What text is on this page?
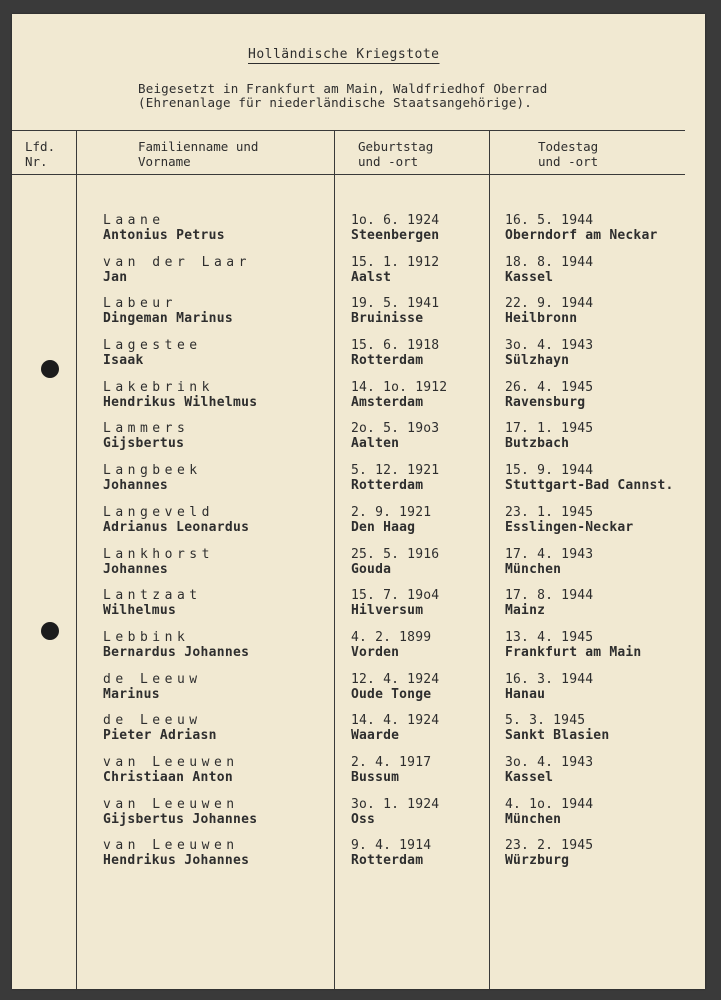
Holländische Kriegstote
Beigesetzt in Frankfurt am Main, Waldfriedhof Oberrad
(Ehrenanlage für niederländische Staatsangehörige).
Lfd.
Nr.
Familienname und
Vorname
Geburtstag
und -ort
Todestag
und -ort
Laane
Antonius Petrus
1o. 6. 1924
Steenbergen
16. 5. 1944
Oberndorf am Neckar
van der Laar
Jan
15. 1. 1912
Aalst
18. 8. 1944
Kassel
Labeur
Dingeman Marinus
19. 5. 1941
Bruinisse
22. 9. 1944
Heilbronn
Lagestee
Isaak
15. 6. 1918
Rotterdam
3o. 4. 1943
Sülzhayn
Lakebrink
Hendrikus Wilhelmus
14. 1o. 1912
Amsterdam
26. 4. 1945
Ravensburg
Lammers
Gijsbertus
2o. 5. 19o3
Aalten
17. 1. 1945
Butzbach
Langbeek
Johannes
5. 12. 1921
Rotterdam
15. 9. 1944
Stuttgart-Bad Cannst.
Langeveld
Adrianus Leonardus
2. 9. 1921
Den Haag
23. 1. 1945
Esslingen-Neckar
Lankhorst
Johannes
25. 5. 1916
Gouda
17. 4. 1943
München
Lantzaat
Wilhelmus
15. 7. 19o4
Hilversum
17. 8. 1944
Mainz
Lebbink
Bernardus Johannes
4. 2. 1899
Vorden
13. 4. 1945
Frankfurt am Main
de Leeuw
Marinus
12. 4. 1924
Oude Tonge
16. 3. 1944
Hanau
de Leeuw
Pieter Adriasn
14. 4. 1924
Waarde
5. 3. 1945
Sankt Blasien
van Leeuwen
Christiaan Anton
2. 4. 1917
Bussum
3o. 4. 1943
Kassel
van Leeuwen
Gijsbertus Johannes
3o. 1. 1924
Oss
4. 1o. 1944
München
van Leeuwen
Hendrikus Johannes
9. 4. 1914
Rotterdam
23. 2. 1945
Würzburg
